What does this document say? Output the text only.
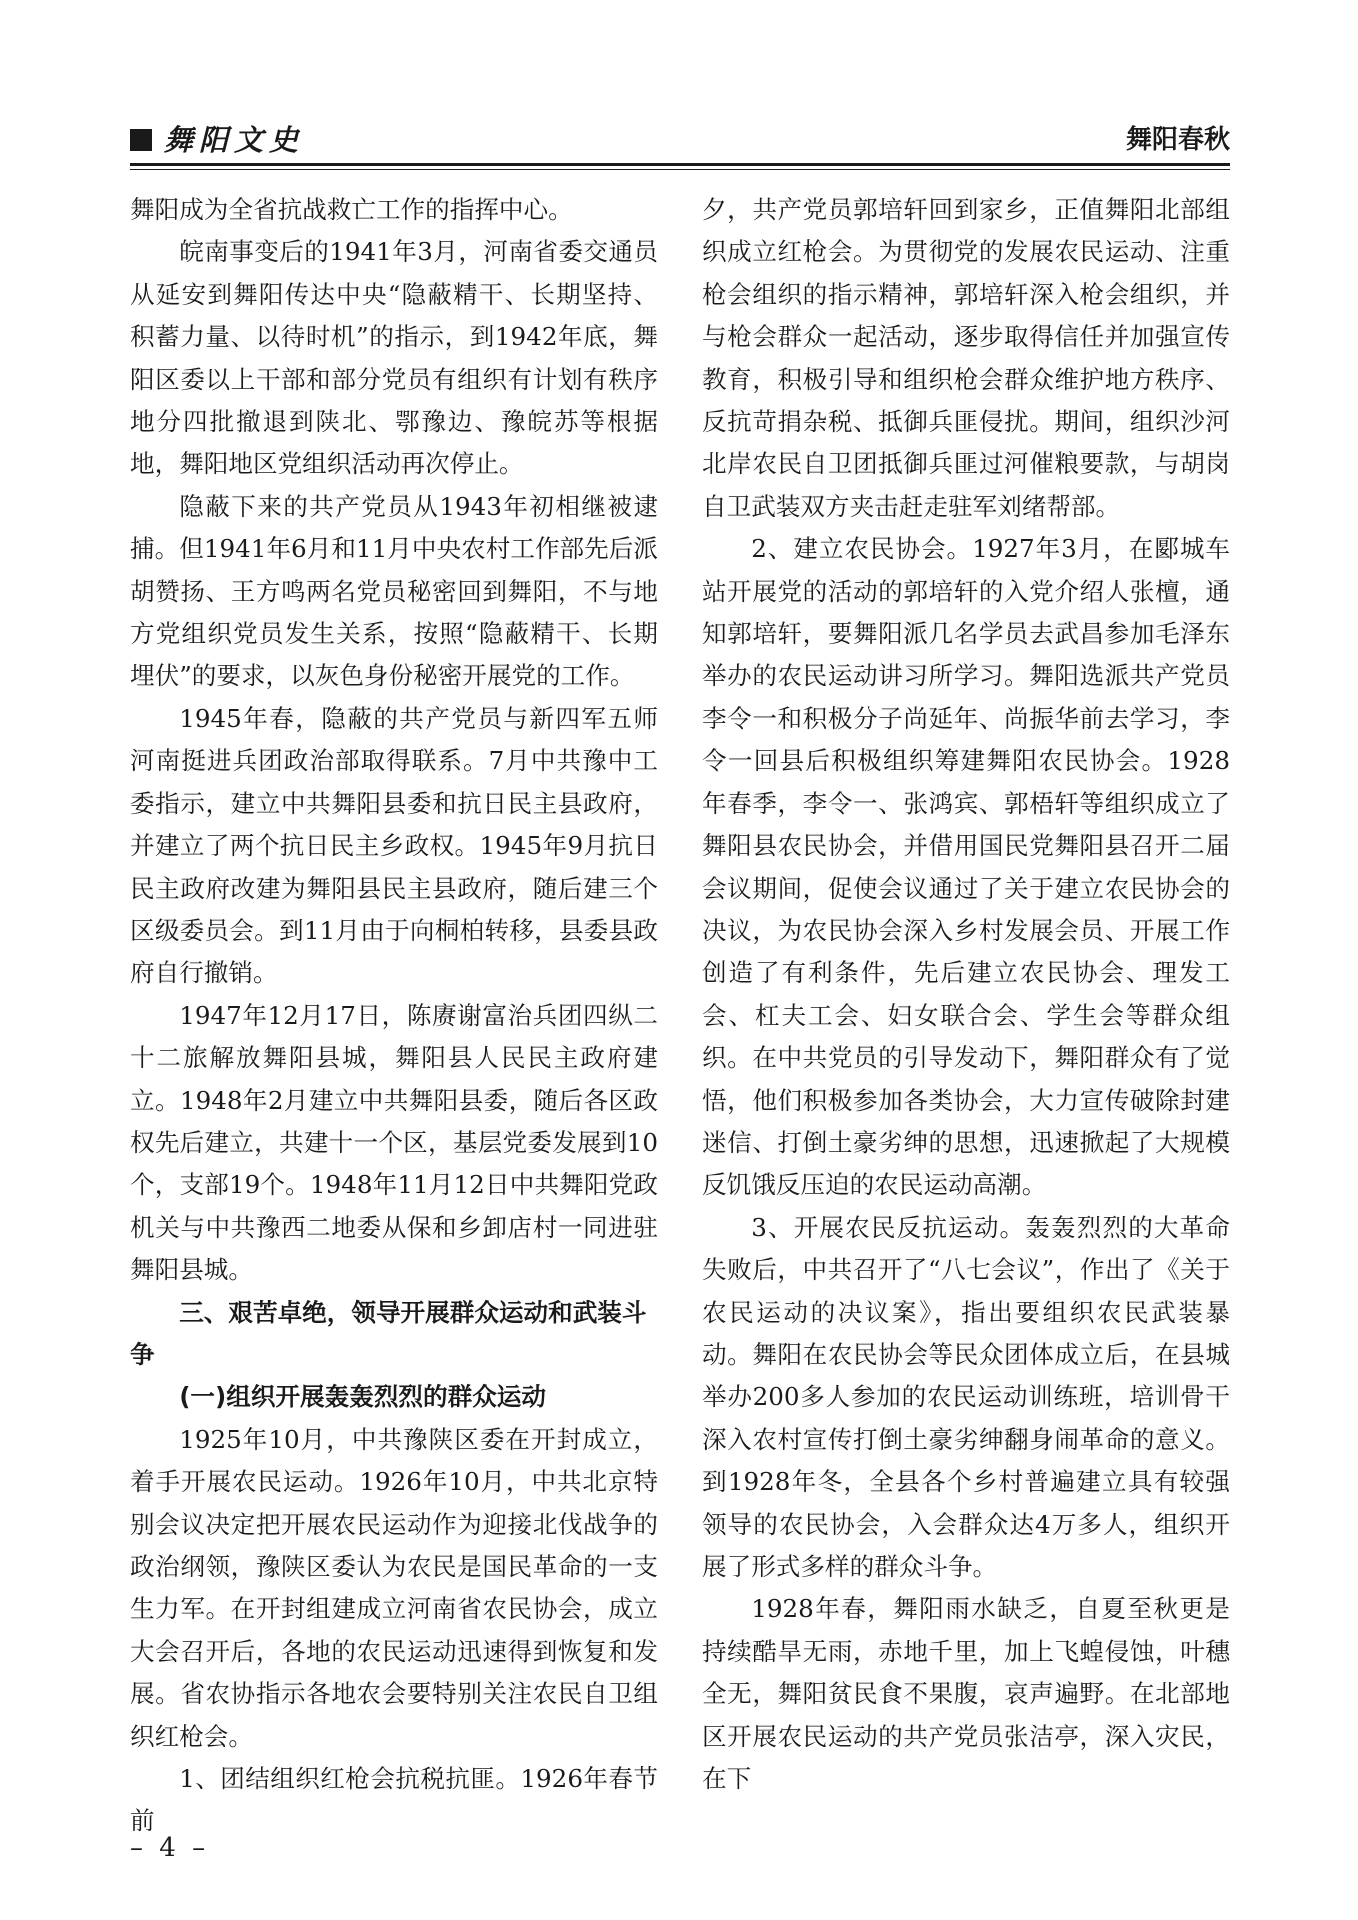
舞阳文史	舞阳春秋

舞阳成为全省抗战救亡工作的指挥中心。

皖南事变后的1941年3月，河南省委交通员从延安到舞阳传达中央“隐蔽精干、长期坚持、积蓄力量、以待时机”的指示，到1942年底，舞阳区委以上干部和部分党员有组织有计划有秩序地分四批撤退到陕北、鄂豫边、豫皖苏等根据地，舞阳地区党组织活动再次停止。

隐蔽下来的共产党员从1943年初相继被逮捕。但1941年6月和11月中央农村工作部先后派胡赞扬、王方鸣两名党员秘密回到舞阳，不与地方党组织党员发生关系，按照“隐蔽精干、长期埋伏”的要求，以灰色身份秘密开展党的工作。

1945年春，隐蔽的共产党员与新四军五师河南挺进兵团政治部取得联系。7月中共豫中工委指示，建立中共舞阳县委和抗日民主县政府，并建立了两个抗日民主乡政权。1945年9月抗日民主政府改建为舞阳县民主县政府，随后建三个区级委员会。到11月由于向桐柏转移，县委县政府自行撤销。

1947年12月17日，陈赓谢富治兵团四纵二十二旅解放舞阳县城，舞阳县人民民主政府建立。1948年2月建立中共舞阳县委，随后各区政权先后建立，共建十一个区，基层党委发展到10个，支部19个。1948年11月12日中共舞阳党政机关与中共豫西二地委从保和乡卸店村一同进驻舞阳县城。

三、艰苦卓绝，领导开展群众运动和武装斗争
(一)组织开展轰轰烈烈的群众运动

1925年10月，中共豫陕区委在开封成立，着手开展农民运动。1926年10月，中共北京特别会议决定把开展农民运动作为迎接北伐战争的政治纲领，豫陕区委认为农民是国民革命的一支生力军。在开封组建成立河南省农民协会，成立大会召开后，各地的农民运动迅速得到恢复和发展。省农协指示各地农会要特别关注农民自卫组织红枪会。

1、团结组织红枪会抗税抗匪。1926年春节前

夕，共产党员郭培轩回到家乡，正值舞阳北部组织成立红枪会。为贯彻党的发展农民运动、注重枪会组织的指示精神，郭培轩深入枪会组织，并与枪会群众一起活动，逐步取得信任并加强宣传教育，积极引导和组织枪会群众维护地方秩序、反抗苛捐杂税、抵御兵匪侵扰。期间，组织沙河北岸农民自卫团抵御兵匪过河催粮要款，与胡岗自卫武装双方夹击赶走驻军刘绪帮部。

2、建立农民协会。1927年3月，在郾城车站开展党的活动的郭培轩的入党介绍人张檀，通知郭培轩，要舞阳派几名学员去武昌参加毛泽东举办的农民运动讲习所学习。舞阳选派共产党员李令一和积极分子尚延年、尚振华前去学习，李令一回县后积极组织筹建舞阳农民协会。1928年春季，李令一、张鸿宾、郭梧轩等组织成立了舞阳县农民协会，并借用国民党舞阳县召开二届会议期间，促使会议通过了关于建立农民协会的决议，为农民协会深入乡村发展会员、开展工作创造了有利条件，先后建立农民协会、理发工会、杠夫工会、妇女联合会、学生会等群众组织。在中共党员的引导发动下，舞阳群众有了觉悟，他们积极参加各类协会，大力宣传破除封建迷信、打倒土豪劣绅的思想，迅速掀起了大规模反饥饿反压迫的农民运动高潮。

3、开展农民反抗运动。轰轰烈烈的大革命失败后，中共召开了“八七会议”，作出了《关于农民运动的决议案》，指出要组织农民武装暴动。舞阳在农民协会等民众团体成立后，在县城举办200多人参加的农民运动训练班，培训骨干深入农村宣传打倒土豪劣绅翻身闹革命的意义。到1928年冬，全县各个乡村普遍建立具有较强领导的农民协会，入会群众达4万多人，组织开展了形式多样的群众斗争。

1928年春，舞阳雨水缺乏，自夏至秋更是持续酷旱无雨，赤地千里，加上飞蝗侵蚀，叶穗全无，舞阳贫民食不果腹，哀声遍野。在北部地区开展农民运动的共产党员张洁亭，深入灾民，在下

– 4 –
